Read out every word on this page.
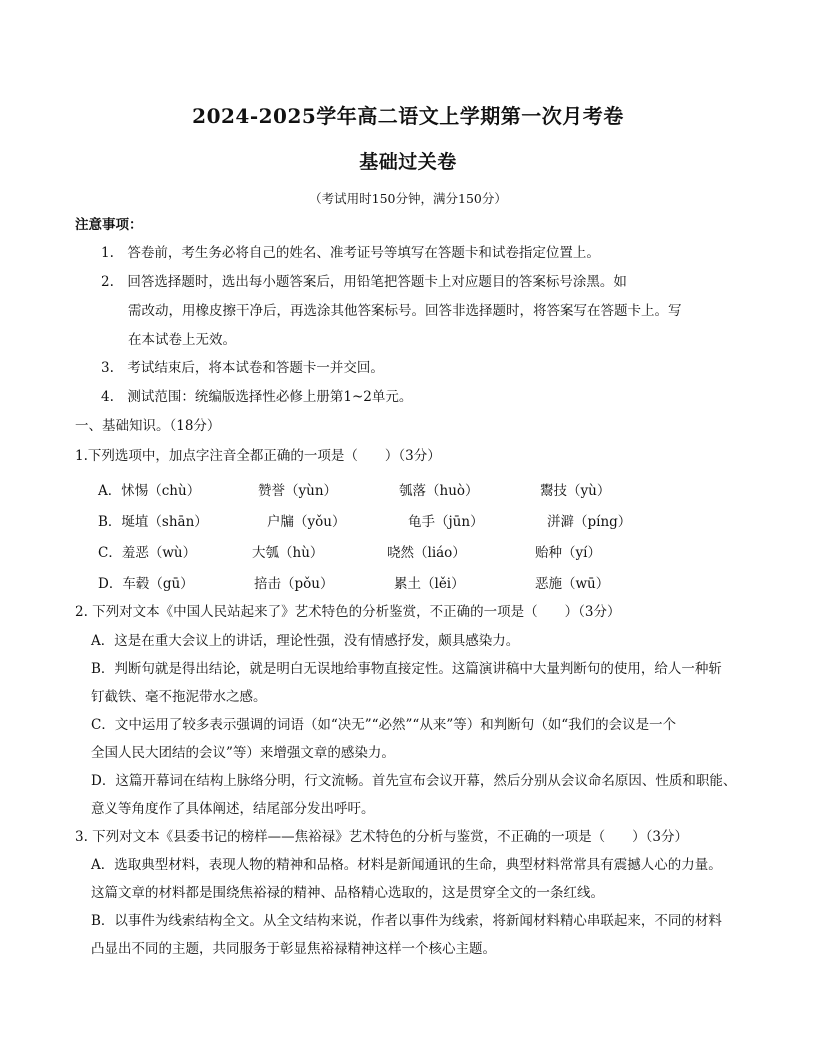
2024-2025学年高二语文上学期第一次月考卷
基础过关卷
（考试用时150分钟，满分150分）
注意事项：
1.　答卷前，考生务必将自己的姓名、准考证号等填写在答题卡和试卷指定位置上。
2.　回答选择题时，选出每小题答案后，用铅笔把答题卡上对应题目的答案标号涂黑。如
需改动，用橡皮擦干净后，再选涂其他答案标号。回答非选择题时，将答案写在答题卡上。写
在本试卷上无效。
3.　考试结束后，将本试卷和答题卡一并交回。
4.　测试范围：统编版选择性必修上册第1~2单元。
一、基础知识。（18分）
1.下列选项中，加点字注音全都正确的一项是（　　）（3分）
A．怵惕（chù）	赞誉（yùn）	瓠落（huò）	鬻技（yù）
B．埏埴（shān）	户牖（yǒu）	龟手（jūn）	洴澼（píng）
C．羞恶（wù）	大瓠（hù）	哓然（liáo）	贻种（yí）
D．车毂（gū）	掊击（pǒu）	累土（lěi）	恶施（wū）
2. 下列对文本《中国人民站起来了》艺术特色的分析鉴赏，不正确的一项是（　　）（3分）
A．这是在重大会议上的讲话，理论性强，没有情感抒发，颇具感染力。
B．判断句就是得出结论，就是明白无误地给事物直接定性。这篇演讲稿中大量判断句的使用，给人一种斩
钉截铁、毫不拖泥带水之感。
C．文中运用了较多表示强调的词语（如“决无”“必然”“从来”等）和判断句（如“我们的会议是一个
全国人民大团结的会议”等）来增强文章的感染力。
D．这篇开幕词在结构上脉络分明，行文流畅。首先宣布会议开幕，然后分别从会议命名原因、性质和职能、
意义等角度作了具体阐述，结尾部分发出呼吁。
3. 下列对文本《县委书记的榜样——焦裕禄》艺术特色的分析与鉴赏，不正确的一项是（　　）（3分）
A．选取典型材料，表现人物的精神和品格。材料是新闻通讯的生命，典型材料常常具有震撼人心的力量。
这篇文章的材料都是围绕焦裕禄的精神、品格精心选取的，这是贯穿全文的一条红线。
B．以事件为线索结构全文。从全文结构来说，作者以事件为线索，将新闻材料精心串联起来，不同的材料
凸显出不同的主题，共同服务于彰显焦裕禄精神这样一个核心主题。
